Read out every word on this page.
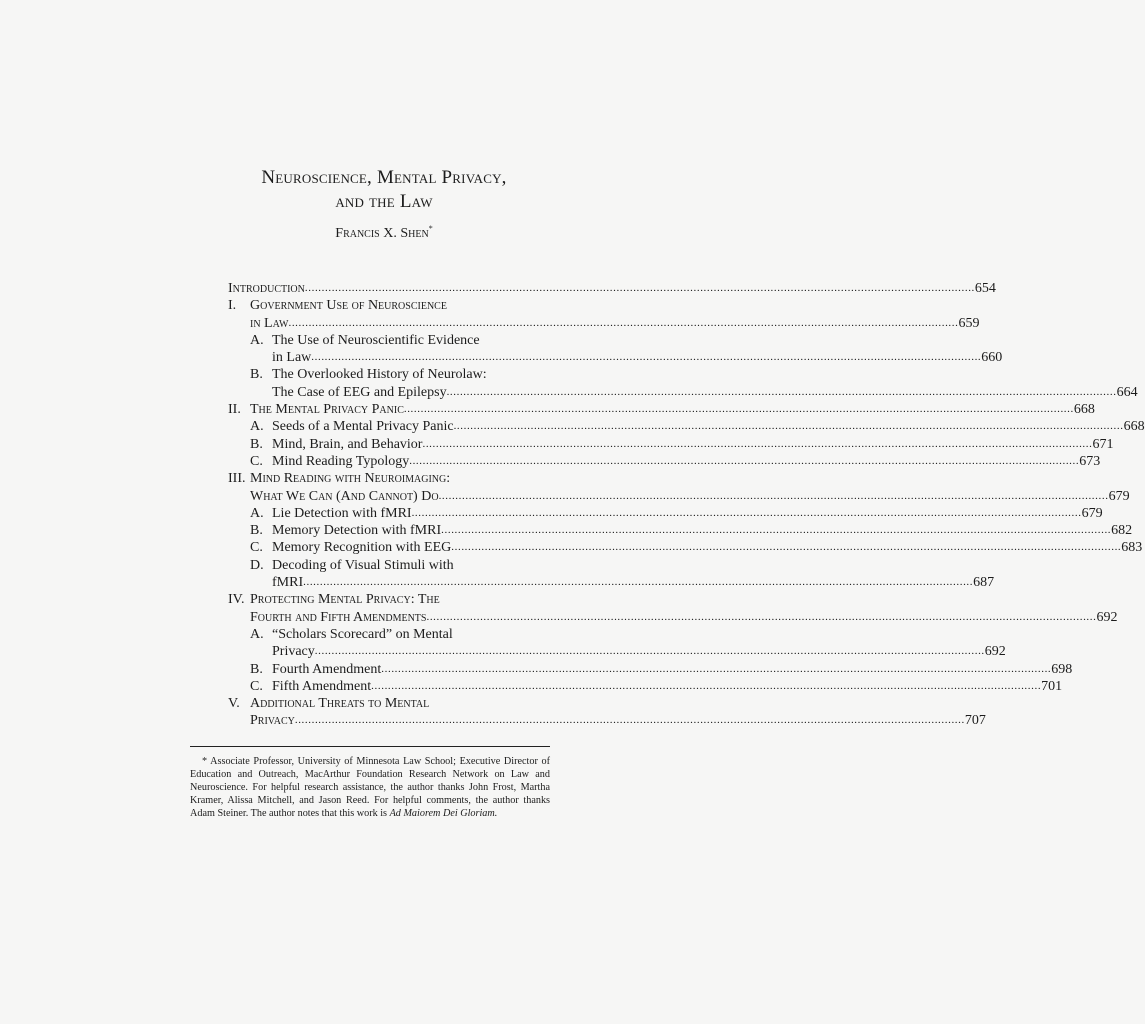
Neuroscience, Mental Privacy,
and the Law
Francis X. Shen*
Introduction ........................................................................................................................................................................................................ 654
I. Government Use of Neuroscience
in Law ........................................................................................................................................................................................................ 659
A. The Use of Neuroscientific Evidence
in Law ........................................................................................................................................................................................................ 660
B. The Overlooked History of Neurolaw:
The Case of EEG and Epilepsy ........................................................................................................................................................................................................ 664
II. The Mental Privacy Panic ........................................................................................................................................................................................................ 668
A. Seeds of a Mental Privacy Panic ........................................................................................................................................................................................................ 668
B. Mind, Brain, and Behavior ........................................................................................................................................................................................................ 671
C. Mind Reading Typology ........................................................................................................................................................................................................ 673
III. Mind Reading with Neuroimaging:
What We Can (And Cannot) Do ........................................................................................................................................................................................................ 679
A. Lie Detection with fMRI ........................................................................................................................................................................................................ 679
B. Memory Detection with fMRI ........................................................................................................................................................................................................ 682
C. Memory Recognition with EEG ........................................................................................................................................................................................................ 683
D. Decoding of Visual Stimuli with
fMRI ........................................................................................................................................................................................................ 687
IV. Protecting Mental Privacy: The
Fourth and Fifth Amendments ........................................................................................................................................................................................................ 692
A. “Scholars Scorecard” on Mental
Privacy ........................................................................................................................................................................................................ 692
B. Fourth Amendment ........................................................................................................................................................................................................ 698
C. Fifth Amendment ........................................................................................................................................................................................................ 701
V. Additional Threats to Mental
Privacy ........................................................................................................................................................................................................ 707
* Associate Professor, University of Minnesota Law School; Executive Director of Education and Outreach, MacArthur Foundation Research Network on Law and Neuroscience. For helpful research assistance, the author thanks John Frost, Martha Kramer, Alissa Mitchell, and Jason Reed. For helpful comments, the author thanks Adam Steiner. The author notes that this work is Ad Maiorem Dei Gloriam.
